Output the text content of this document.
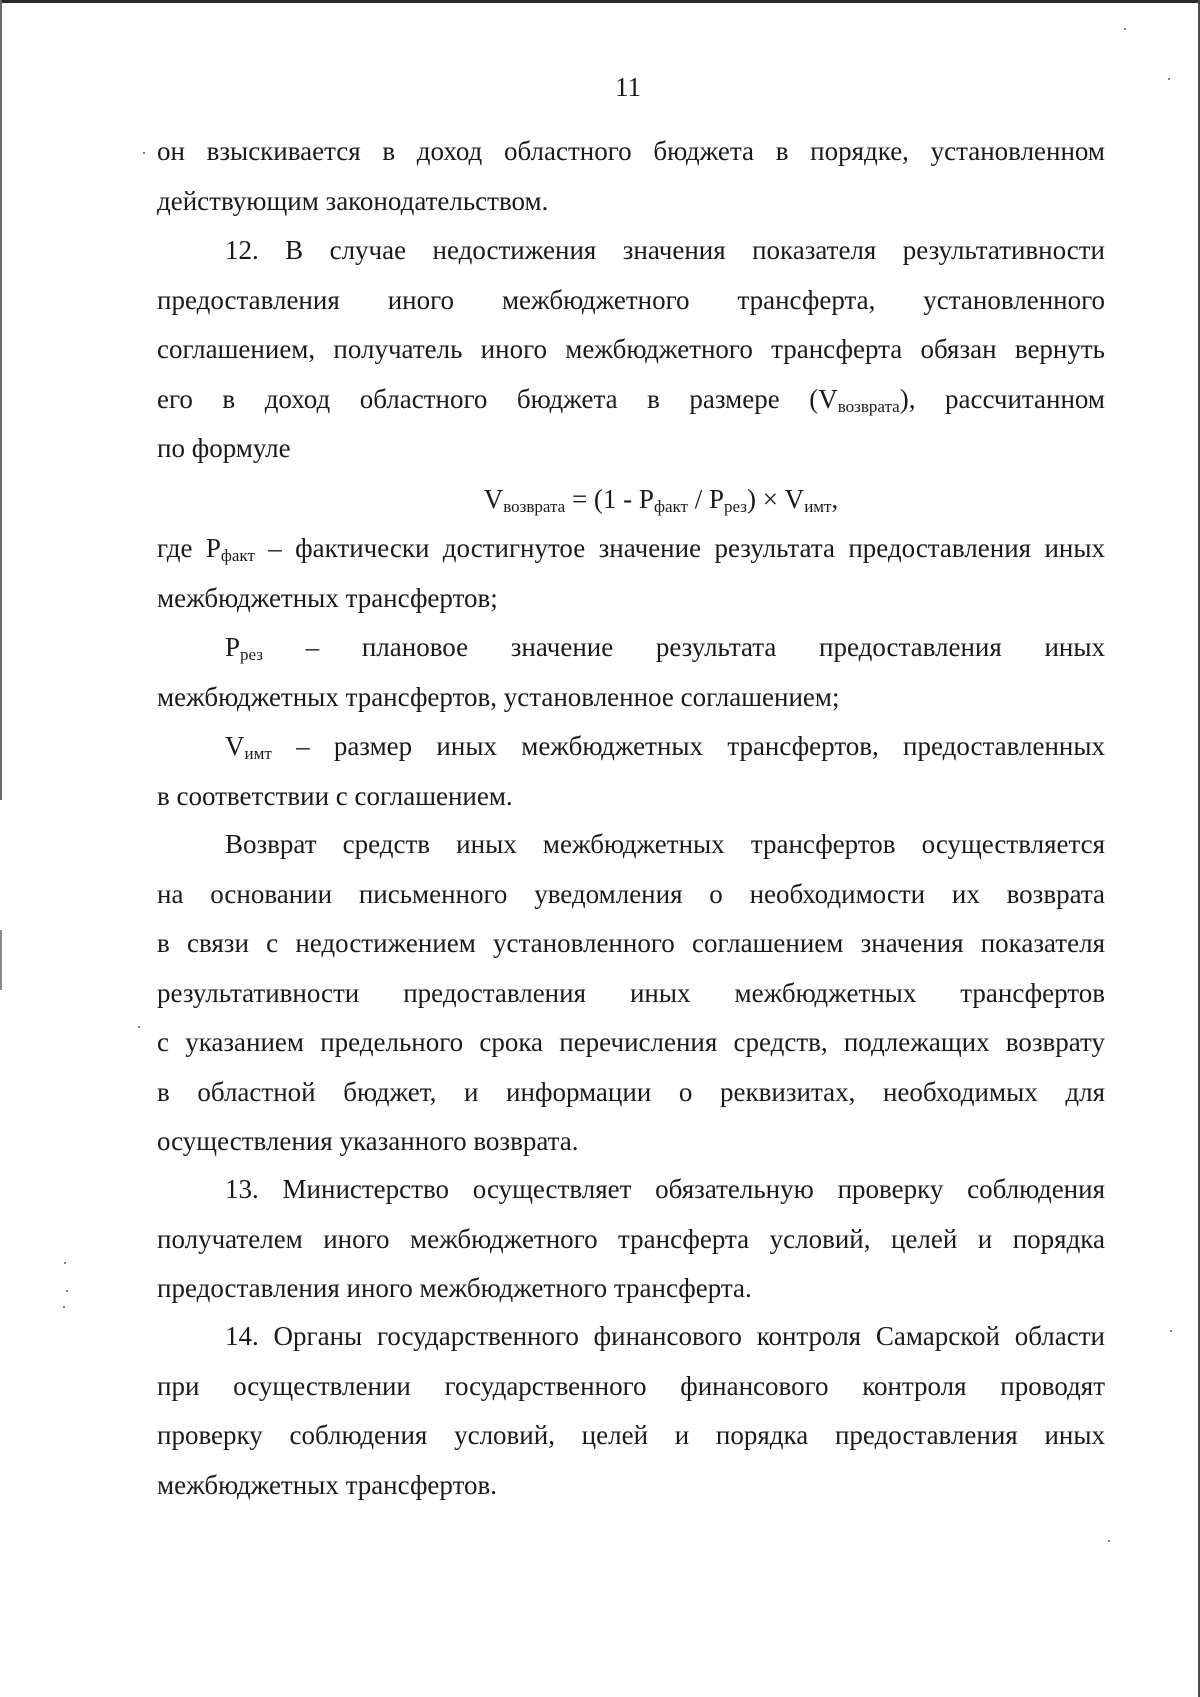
11
он взыскивается в доход областного бюджета в порядке, установленном
действующим законодательством.
12. В случае недостижения значения показателя результативности
предоставления иного межбюджетного трансферта, установленного
соглашением, получатель иного межбюджетного трансферта обязан вернуть
его в доход областного бюджета в размере (Vвозврата), рассчитанном
по формуле
Vвозврата = (1 - Pфакт / Pрез) × Vимт,
где Pфакт – фактически достигнутое значение результата предоставления иных
межбюджетных трансфертов;
Pрез – плановое значение результата предоставления иных
межбюджетных трансфертов, установленное соглашением;
Vимт – размер иных межбюджетных трансфертов, предоставленных
в соответствии с соглашением.
Возврат средств иных межбюджетных трансфертов осуществляется
на основании письменного уведомления о необходимости их возврата
в связи с недостижением установленного соглашением значения показателя
результативности предоставления иных межбюджетных трансфертов
с указанием предельного срока перечисления средств, подлежащих возврату
в областной бюджет, и информации о реквизитах, необходимых для
осуществления указанного возврата.
13. Министерство осуществляет обязательную проверку соблюдения
получателем иного межбюджетного трансферта условий, целей и порядка
предоставления иного межбюджетного трансферта.
14. Органы государственного финансового контроля Самарской области
при осуществлении государственного финансового контроля проводят
проверку соблюдения условий, целей и порядка предоставления иных
межбюджетных трансфертов.
